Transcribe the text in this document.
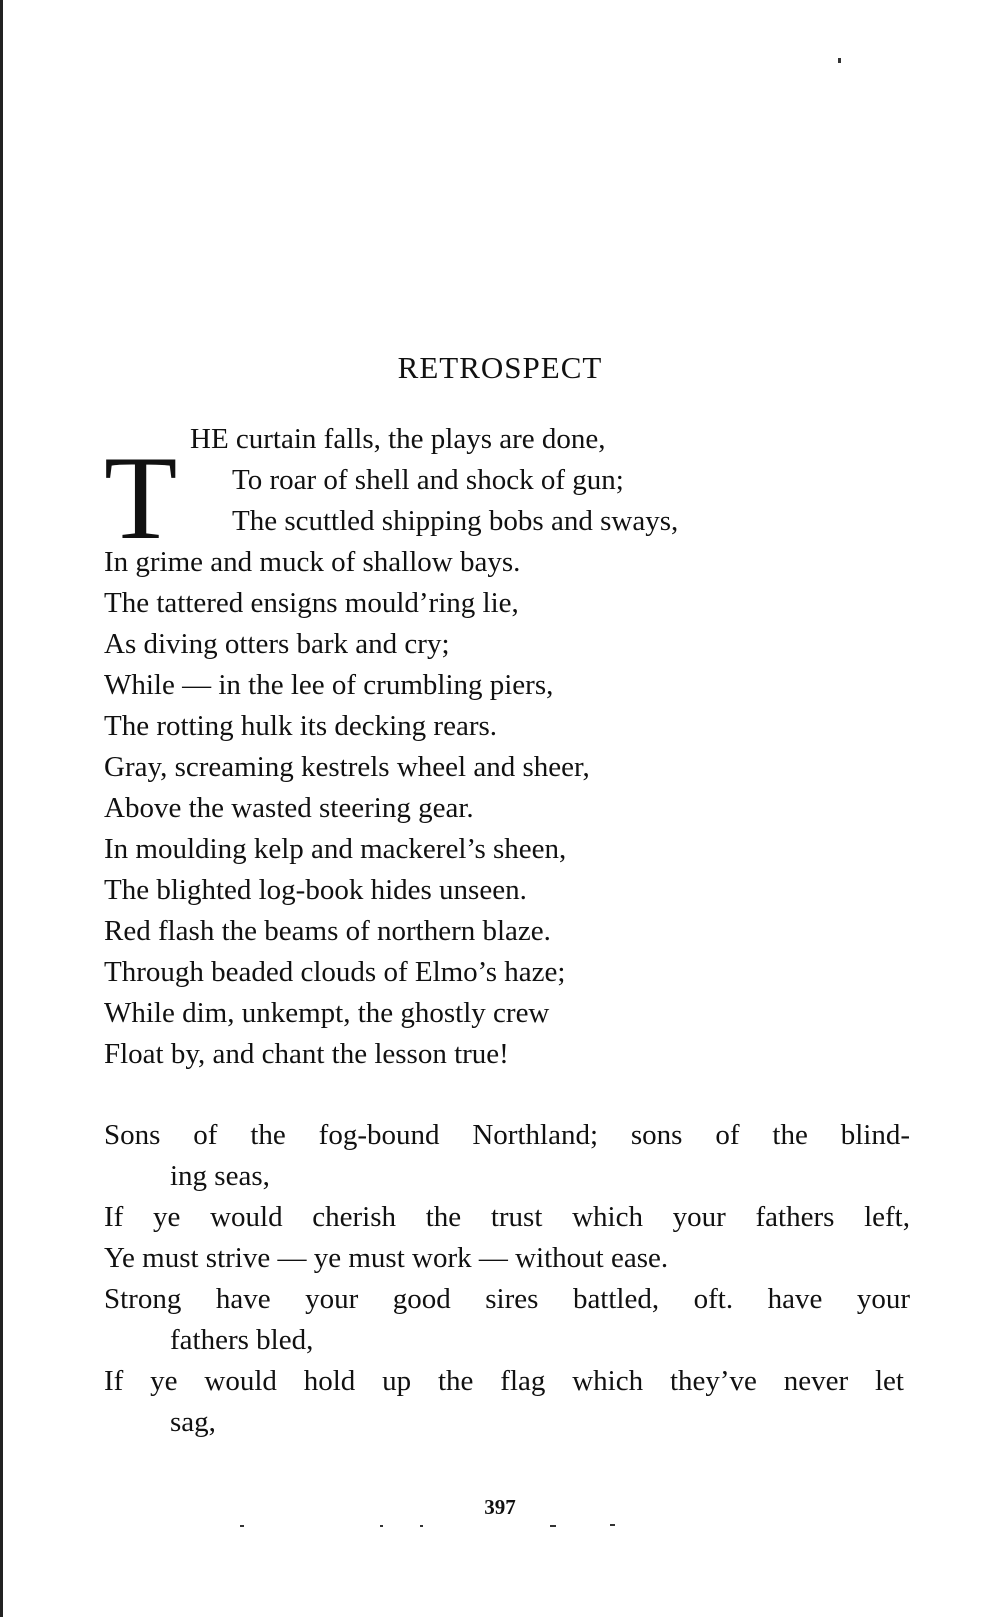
RETROSPECT
T HE curtain falls, the plays are done,
To roar of shell and shock of gun;
The scuttled shipping bobs and sways,
In grime and muck of shallow bays.
The tattered ensigns mould’ring lie,
As diving otters bark and cry;
While — in the lee of crumbling piers,
The rotting hulk its decking rears.
Gray, screaming kestrels wheel and sheer,
Above the wasted steering gear.
In moulding kelp and mackerel’s sheen,
The blighted log-book hides unseen.
Red flash the beams of northern blaze.
Through beaded clouds of Elmo’s haze;
While dim, unkempt, the ghostly crew
Float by, and chant the lesson true!
Sons of the fog-bound Northland; sons of the blind-
ing seas,
If ye would cherish the trust which your fathers left,
Ye must strive — ye must work — without ease.
Strong have your good sires battled, oft. have your
fathers bled,
If ye would hold up the flag which they’ve never let
sag,
397
